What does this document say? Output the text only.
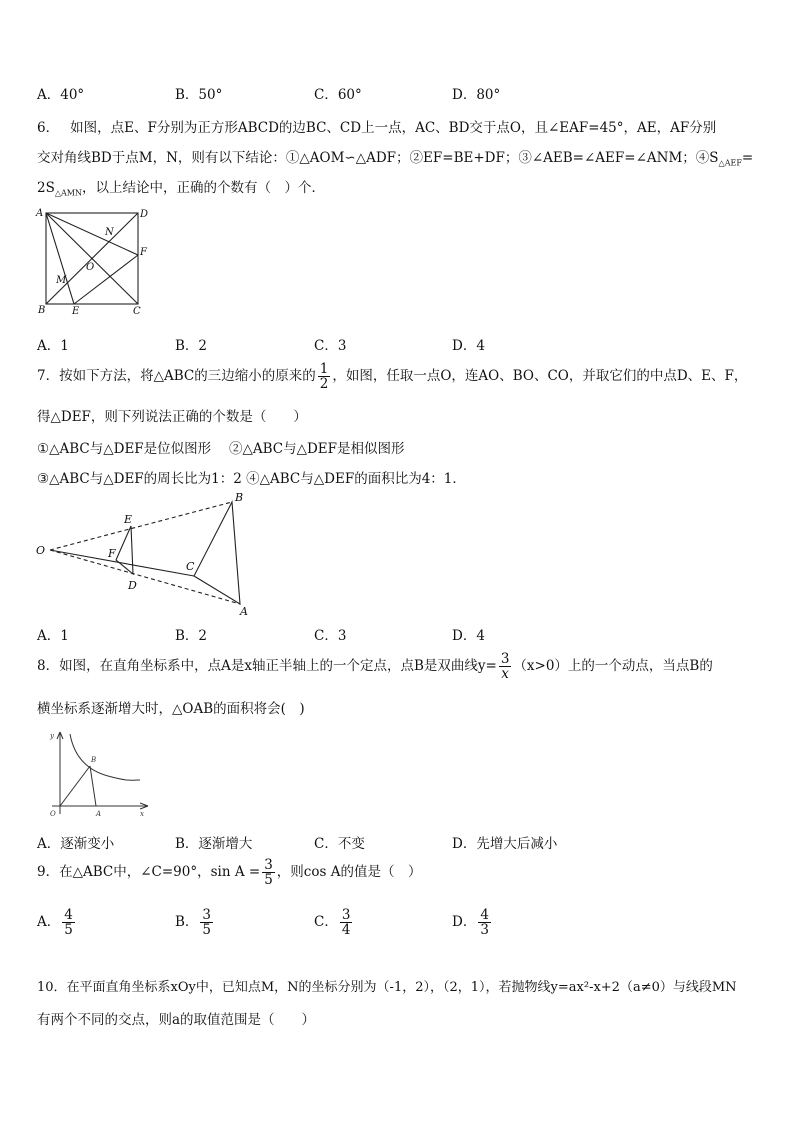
A．40°	B．50°	C．60°	D．80°
6．　 如图，点E、F分别为正方形ABCD的边BC、CD上一点，AC、BD交于点O，且∠EAF=45°，AE，AF分别
交对角线BD于点M，N，则有以下结论：①△AOM∽△ADF；②EF=BE+DF；③∠AEB=∠AEF=∠ANM；$④S_{\triangle AEF}=$
$2S_{\triangle AMN}$，以上结论中，正确的个数有（　）个．
A	D
N
F
O
M
B	E	C
A．1	B．2	C．3	D．4
7．按如下方法，将△ABC的三边缩小的原来的 $\frac{1}{2}$ ，如图，任取一点O，连AO、BO、CO，并取它们的中点D、E、F，
得△DEF，则下列说法正确的个数是（　　）
①△ABC与△DEF是位似图形　 ②△ABC与△DEF是相似图形
③△ABC与△DEF的周长比为1：2 ④△ABC与△DEF的面积比为4：1．
O
E
F
D
C
B
A
A．1	B．2	C．3	D．4
8．如图，在直角坐标系中，点A是x轴正半轴上的一个定点，点B是双曲线$y= \frac{3}{x} (x>0)$上的一个动点，当点B的
横坐标系逐渐增大时，△OAB的面积将会(　)
y
B
O	A	x
A．逐渐变小	B．逐渐增大	C．不变	D．先增大后减小
9．在△ABC中，∠C=90°，$\sin A = \frac{3}{5}$ ，则cos A的值是（　）
A． $\frac{4}{5}$	B． $\frac{3}{5}$	C． $\frac{3}{4}$	D． $\frac{4}{3}$
10．在平面直角坐标系xOy中，已知点M，N的坐标分别为（-1，2），（2，1），若抛物线y=ax²-x+2（a≠0）与线段MN
有两个不同的交点，则a的取值范围是（　　）
